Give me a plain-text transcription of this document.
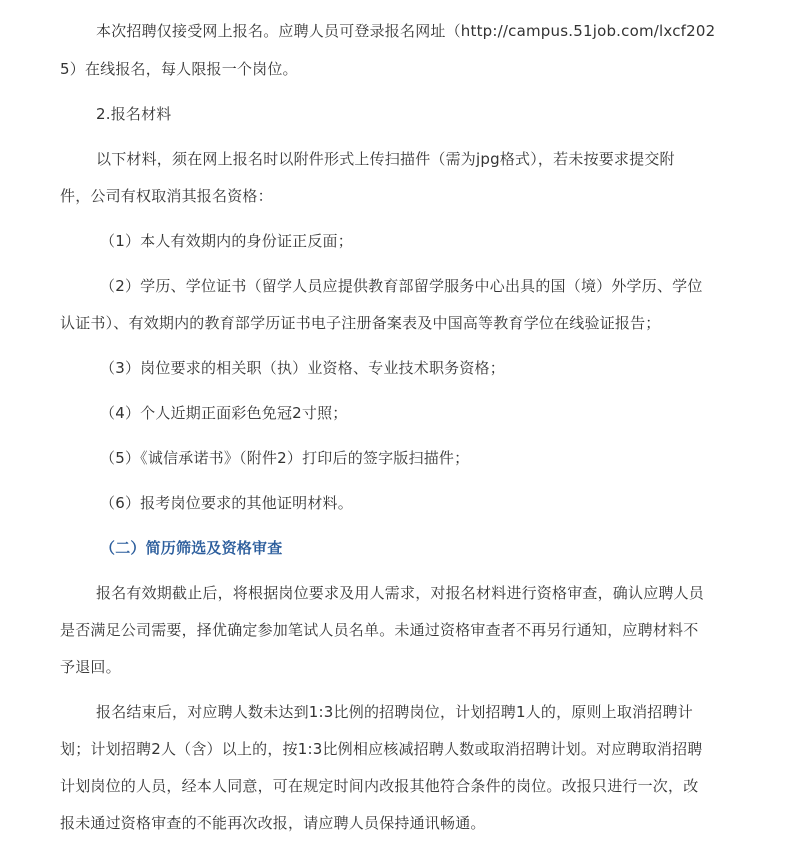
本次招聘仅接受网上报名。应聘人员可登录报名网址（http://campus.51job.com/lxcf202
5）在线报名，每人限报一个岗位。
2.报名材料
以下材料，须在网上报名时以附件形式上传扫描件（需为jpg格式），若未按要求提交附
件，公司有权取消其报名资格：
（1）本人有效期内的身份证正反面；
（2）学历、学位证书（留学人员应提供教育部留学服务中心出具的国（境）外学历、学位
认证书）、有效期内的教育部学历证书电子注册备案表及中国高等教育学位在线验证报告；
（3）岗位要求的相关职（执）业资格、专业技术职务资格；
（4）个人近期正面彩色免冠2寸照；
（5）《诚信承诺书》（附件2）打印后的签字版扫描件；
（6）报考岗位要求的其他证明材料。
（二）简历筛选及资格审查
报名有效期截止后，将根据岗位要求及用人需求，对报名材料进行资格审查，确认应聘人员
是否满足公司需要，择优确定参加笔试人员名单。未通过资格审查者不再另行通知，应聘材料不
予退回。
报名结束后，对应聘人数未达到1:3比例的招聘岗位，计划招聘1人的，原则上取消招聘计
划；计划招聘2人（含）以上的，按1:3比例相应核减招聘人数或取消招聘计划。对应聘取消招聘
计划岗位的人员，经本人同意，可在规定时间内改报其他符合条件的岗位。改报只进行一次，改
报未通过资格审查的不能再次改报，请应聘人员保持通讯畅通。
